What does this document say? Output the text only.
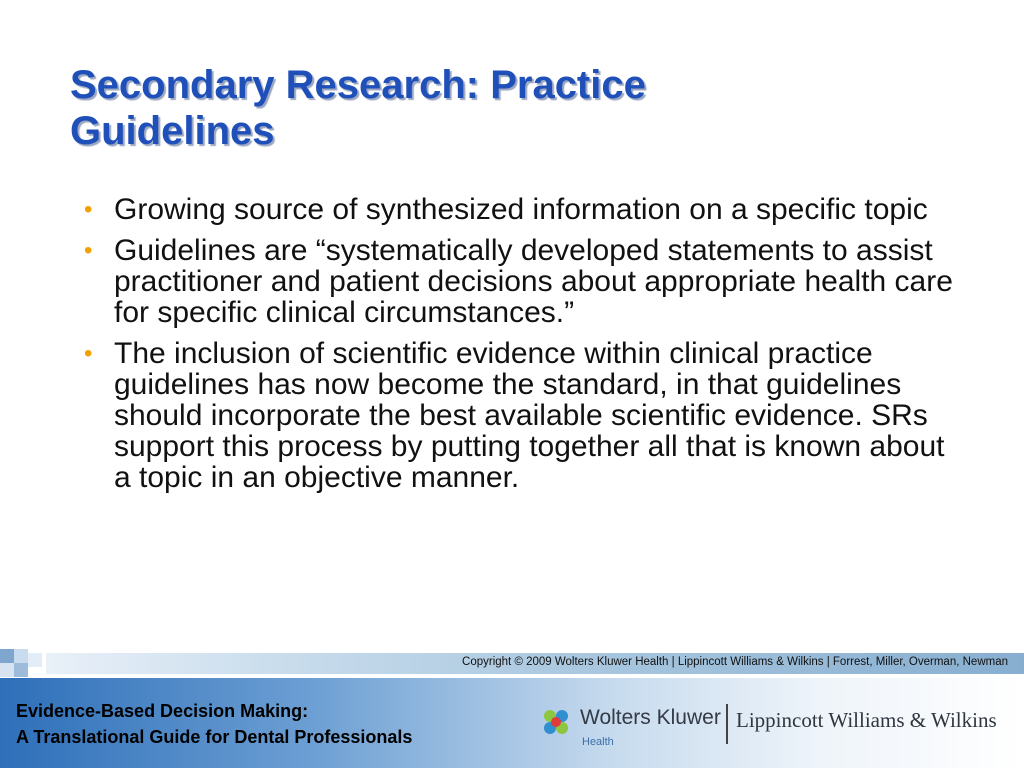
Secondary Research: Practice
Guidelines
• Growing source of synthesized information on a specific topic
• Guidelines are “systematically developed statements to assist practitioner and patient decisions about appropriate health care for specific clinical circumstances.”
• The inclusion of scientific evidence within clinical practice guidelines has now become the standard, in that guidelines should incorporate the best available scientific evidence. SRs support this process by putting together all that is known about a topic in an objective manner.
Copyright © 2009 Wolters Kluwer Health | Lippincott Williams & Wilkins | Forrest, Miller, Overman, Newman
Evidence-Based Decision Making:
A Translational Guide for Dental Professionals
Wolters Kluwer
Health
Lippincott Williams & Wilkins
